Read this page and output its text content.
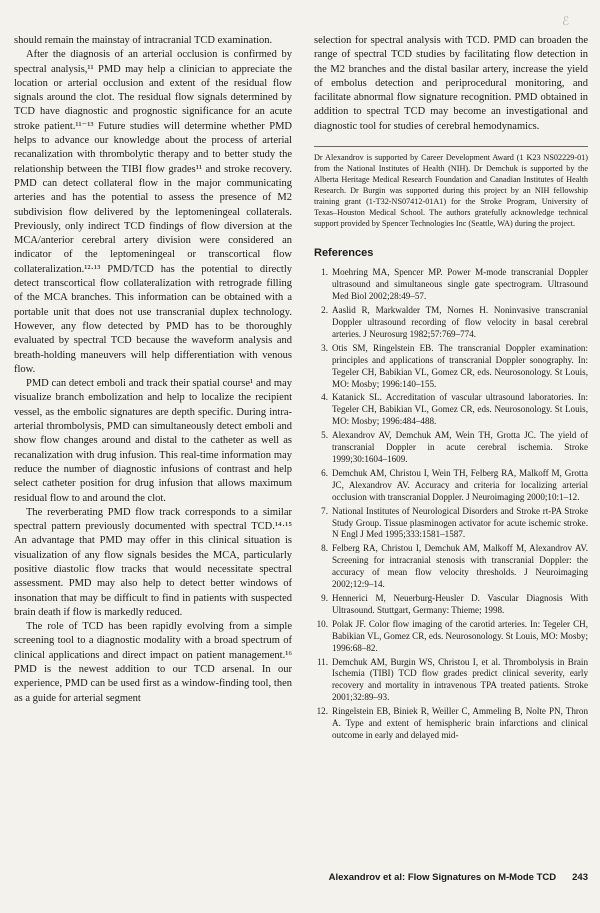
ℰ

should remain the mainstay of intracranial TCD examination.

After the diagnosis of an arterial occlusion is confirmed by spectral analysis,¹¹ PMD may help a clinician to appreciate the location or arterial occlusion and extent of the residual flow signals around the clot. The residual flow signals determined by TCD have diagnostic and prognostic significance for an acute stroke patient.¹¹⁻¹³ Future studies will determine whether PMD helps to advance our knowledge about the process of arterial recanalization with thrombolytic therapy and to better study the relationship between the TIBI flow grades¹¹ and stroke recovery. PMD can detect collateral flow in the major communicating arteries and has the potential to assess the presence of M2 subdivision flow delivered by the leptomeningeal collaterals. Previously, only indirect TCD findings of flow diversion at the MCA/anterior cerebral artery division were considered an indicator of the leptomeningeal or transcortical flow collateralization.¹²·¹³ PMD/TCD has the potential to directly detect transcortical flow collateralization with retrograde filling of the MCA branches. This information can be obtained with a portable unit that does not use transcranial duplex technology. However, any flow detected by PMD has to be thoroughly evaluated by spectral TCD because the waveform analysis and breath-holding maneuvers will help differentiation with venous flow.

PMD can detect emboli and track their spatial course¹ and may visualize branch embolization and help to localize the recipient vessel, as the embolic signatures are depth specific. During intra-arterial thrombolysis, PMD can simultaneously detect emboli and show flow changes around and distal to the catheter as well as recanalization with drug infusion. This real-time information may reduce the number of diagnostic infusions of contrast and help select catheter position for drug infusion that allows maximum residual flow to and around the clot.

The reverberating PMD flow track corresponds to a similar spectral pattern previously documented with spectral TCD.¹⁴·¹⁵ An advantage that PMD may offer in this clinical situation is visualization of any flow signals besides the MCA, particularly positive diastolic flow tracks that would necessitate spectral assessment. PMD may also help to detect better windows of insonation that may be difficult to find in patients with suspected brain death if flow is markedly reduced.

The role of TCD has been rapidly evolving from a simple screening tool to a diagnostic modality with a broad spectrum of clinical applications and direct impact on patient management.¹⁶ PMD is the newest addition to our TCD arsenal. In our experience, PMD can be used first as a window-finding tool, then as a guide for arterial segment

selection for spectral analysis with TCD. PMD can broaden the range of spectral TCD studies by facilitating flow detection in the M2 branches and the distal basilar artery, increase the yield of embolus detection and periprocedural monitoring, and facilitate abnormal flow signature recognition. PMD obtained in addition to spectral TCD may become an investigational and diagnostic tool for studies of cerebral hemodynamics.

Dr Alexandrov is supported by Career Development Award (1 K23 NS02229-01) from the National Institutes of Health (NIH). Dr Demchuk is supported by the Alberta Heritage Medical Research Foundation and Canadian Institutes of Health Research. Dr Burgin was supported during this project by an NIH fellowship training grant (1-T32-NS07412-01A1) for the Stroke Program, University of Texas–Houston Medical School. The authors gratefully acknowledge technical support provided by Spencer Technologies Inc (Seattle, WA) during the project.
References
1. Moehring MA, Spencer MP. Power M-mode transcranial Doppler ultrasound and simultaneous single gate spectrogram. Ultrasound Med Biol 2002;28:49–57.
2. Aaslid R, Markwalder TM, Nornes H. Noninvasive transcranial Doppler ultrasound recording of flow velocity in basal cerebral arteries. J Neurosurg 1982;57:769–774.
3. Otis SM, Ringelstein EB. The transcranial Doppler examination: principles and applications of transcranial Doppler sonography. In: Tegeler CH, Babikian VL, Gomez CR, eds. Neurosonology. St Louis, MO: Mosby; 1996:140–155.
4. Katanick SL. Accreditation of vascular ultrasound laboratories. In: Tegeler CH, Babikian VL, Gomez CR, eds. Neurosonology. St Louis, MO: Mosby; 1996:484–488.
5. Alexandrov AV, Demchuk AM, Wein TH, Grotta JC. The yield of transcranial Doppler in acute cerebral ischemia. Stroke 1999;30:1604–1609.
6. Demchuk AM, Christou I, Wein TH, Felberg RA, Malkoff M, Grotta JC, Alexandrov AV. Accuracy and criteria for localizing arterial occlusion with transcranial Doppler. J Neuroimaging 2000;10:1–12.
7. National Institutes of Neurological Disorders and Stroke rt-PA Stroke Study Group. Tissue plasminogen activator for acute ischemic stroke. N Engl J Med 1995;333:1581–1587.
8. Felberg RA, Christou I, Demchuk AM, Malkoff M, Alexandrov AV. Screening for intracranial stenosis with transcranial Doppler: the accuracy of mean flow velocity thresholds. J Neuroimaging 2002;12:9–14.
9. Hennerici M, Neuerburg-Heusler D. Vascular Diagnosis With Ultrasound. Stuttgart, Germany: Thieme; 1998.
10. Polak JF. Color flow imaging of the carotid arteries. In: Tegeler CH, Babikian VL, Gomez CR, eds. Neurosonology. St Louis, MO: Mosby; 1996:68–82.
11. Demchuk AM, Burgin WS, Christou I, et al. Thrombolysis in Brain Ischemia (TIBI) TCD flow grades predict clinical severity, early recovery and mortality in intravenous TPA treated patients. Stroke 2001;32:89–93.
12. Ringelstein EB, Biniek R, Weiller C, Ammeling B, Nolte PN, Thron A. Type and extent of hemispheric brain infarctions and clinical outcome in early and delayed mid-
Alexandrov et al: Flow Signatures on M-Mode TCD 243
